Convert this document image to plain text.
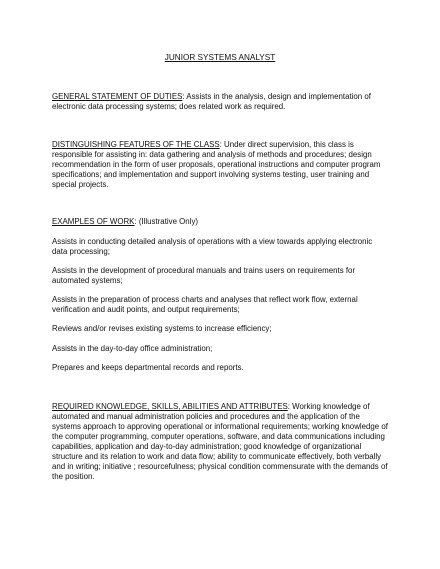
JUNIOR SYSTEMS ANALYST
GENERAL STATEMENT OF DUTIES: Assists in the analysis, design and implementation of electronic data processing systems; does related work as required.
DISTINGUISHING FEATURES OF THE CLASS: Under direct supervision, this class is responsible for assisting in: data gathering and analysis of methods and procedures; design recommendation in the form of user proposals, operational instructions and computer program specifications; and implementation and support involving systems testing, user training and special projects.
EXAMPLES OF WORK: (Illustrative Only)
Assists in conducting detailed analysis of operations with a view towards applying electronic data processing;
Assists in the development of procedural manuals and trains users on requirements for automated systems;
Assists in the preparation of process charts and analyses that reflect work flow, external verification and audit points, and output requirements;
Reviews and/or revises existing systems to increase efficiency;
Assists in the day-to-day office administration;
Prepares and keeps departmental records and reports.
REQUIRED KNOWLEDGE, SKILLS, ABILITIES AND ATTRIBUTES: Working knowledge of automated and manual administration policies and procedures and the application of the systems approach to approving operational or informational requirements; working knowledge of the computer programming, computer operations, software, and data communications including capabilities, application and day-to-day administration; good knowledge of organizational structure and its relation to work and data flow; ability to communicate effectively, both verbally and in writing; initiative ; resourcefulness; physical condition commensurate with the demands of the position.
